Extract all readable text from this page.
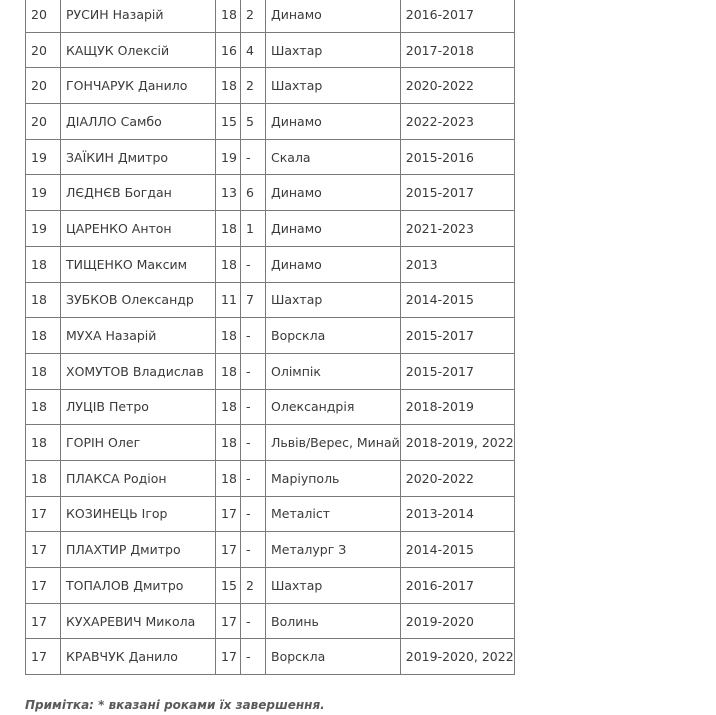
20	РУСИН Назарій	18	2	Динамо	2016-2017
20	КАЩУК Олексій	16	4	Шахтар	2017-2018
20	ГОНЧАРУК Данило	18	2	Шахтар	2020-2022
20	ДІАЛЛО Самбо	15	5	Динамо	2022-2023
19	ЗАЇКИН Дмитро	19	-	Скала	2015-2016
19	ЛЄДНЄВ Богдан	13	6	Динамо	2015-2017
19	ЦАРЕНКО Антон	18	1	Динамо	2021-2023
18	ТИЩЕНКО Максим	18	-	Динамо	2013
18	ЗУБКОВ Олександр	11	7	Шахтар	2014-2015
18	МУХА Назарій	18	-	Ворскла	2015-2017
18	ХОМУТОВ Владислав	18	-	Олімпік	2015-2017
18	ЛУЦІВ Петро	18	-	Олександрія	2018-2019
18	ГОРІН Олег	18	-	Львів/Верес, Минай	2018-2019, 2022
18	ПЛАКСА Родіон	18	-	Маріуполь	2020-2022
17	КОЗИНЕЦЬ Ігор	17	-	Металіст	2013-2014
17	ПЛАХТИР Дмитро	17	-	Металург З	2014-2015
17	ТОПАЛОВ Дмитро	15	2	Шахтар	2016-2017
17	КУХАРЕВИЧ Микола	17	-	Волинь	2019-2020
17	КРАВЧУК Данило	17	-	Ворскла	2019-2020, 2022
Примітка: * вказані роками їх завершення.
